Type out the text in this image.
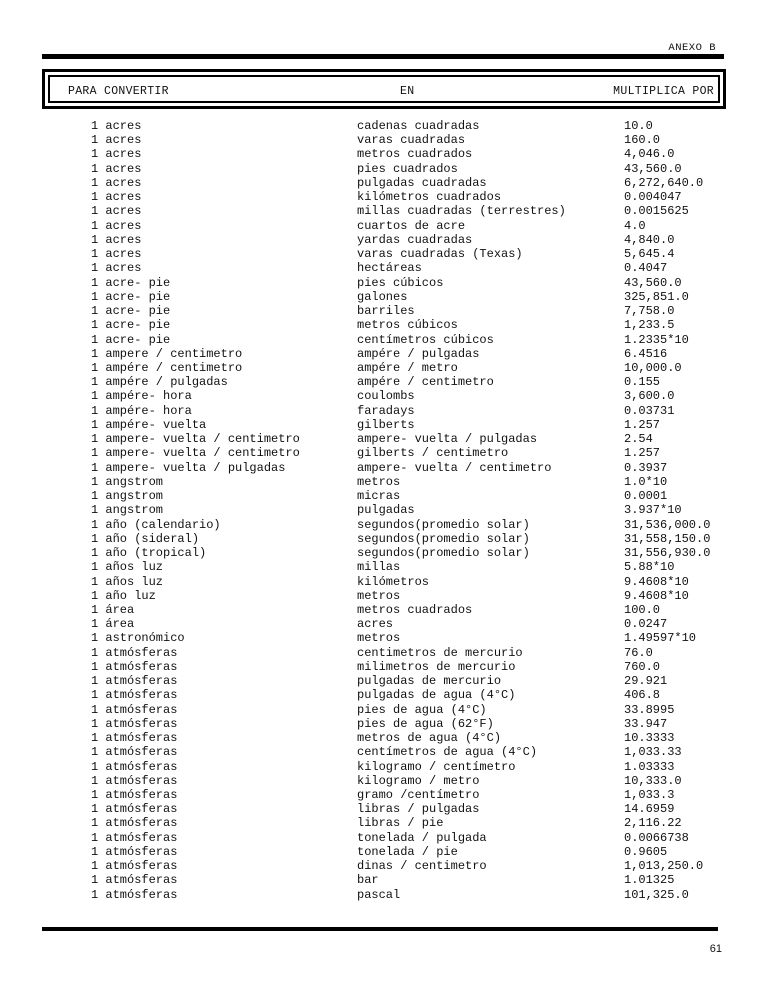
ANEXO B
PARA CONVERTIR	EN	MULTIPLICA POR
1 acres	cadenas cuadradas	10.0
1 acres	varas cuadradas	160.0
1 acres	metros cuadrados	4,046.0
1 acres	pies cuadrados	43,560.0
1 acres	pulgadas cuadradas	6,272,640.0
1 acres	kilómetros cuadrados	0.004047
1 acres	millas cuadradas (terrestres)	0.0015625
1 acres	cuartos de acre	4.0
1 acres	yardas cuadradas	4,840.0
1 acres	varas cuadradas (Texas)	5,645.4
1 acres	hectáreas	0.4047
1 acre- pie	pies cúbicos	43,560.0
1 acre- pie	galones	325,851.0
1 acre- pie	barriles	7,758.0
1 acre- pie	metros cúbicos	1,233.5
1 acre- pie	centímetros cúbicos	1.2335*10
1 ampere / centimetro	ampére / pulgadas	6.4516
1 ampére / centimetro	ampére / metro	10,000.0
1 ampére / pulgadas	ampére / centimetro	0.155
1 ampére- hora	coulombs	3,600.0
1 ampére- hora	faradays	0.03731
1 ampére- vuelta	gilberts	1.257
1 ampere- vuelta / centimetro	ampere- vuelta / pulgadas	2.54
1 ampere- vuelta / centimetro	gilberts / centimetro	1.257
1 ampere- vuelta / pulgadas	ampere- vuelta / centimetro	0.3937
1 angstrom	metros	1.0*10
1 angstrom	micras	0.0001
1 angstrom	pulgadas	3.937*10
1 año (calendario)	segundos(promedio solar)	31,536,000.0
1 año (sideral)	segundos(promedio solar)	31,558,150.0
1 año (tropical)	segundos(promedio solar)	31,556,930.0
1 años luz	millas	5.88*10
1 años luz	kilómetros	9.4608*10
1 año luz	metros	9.4608*10
1 área	metros cuadrados	100.0
1 área	acres	0.0247
1 astronómico	metros	1.49597*10
1 atmósferas	centimetros de mercurio	76.0
1 atmósferas	milimetros de mercurio	760.0
1 atmósferas	pulgadas de mercurio	29.921
1 atmósferas	pulgadas de agua (4°C)	406.8
1 atmósferas	pies de agua (4°C)	33.8995
1 atmósferas	pies de agua (62°F)	33.947
1 atmósferas	metros de agua (4°C)	10.3333
1 atmósferas	centímetros de agua (4°C)	1,033.33
1 atmósferas	kilogramo / centímetro	1.03333
1 atmósferas	kilogramo / metro	10,333.0
1 atmósferas	gramo /centímetro	1,033.3
1 atmósferas	libras / pulgadas	14.6959
1 atmósferas	libras / pie	2,116.22
1 atmósferas	tonelada / pulgada	0.0066738
1 atmósferas	tonelada / pie	0.9605
1 atmósferas	dinas / centimetro	1,013,250.0
1 atmósferas	bar	1.01325
1 atmósferas	pascal	101,325.0
61
